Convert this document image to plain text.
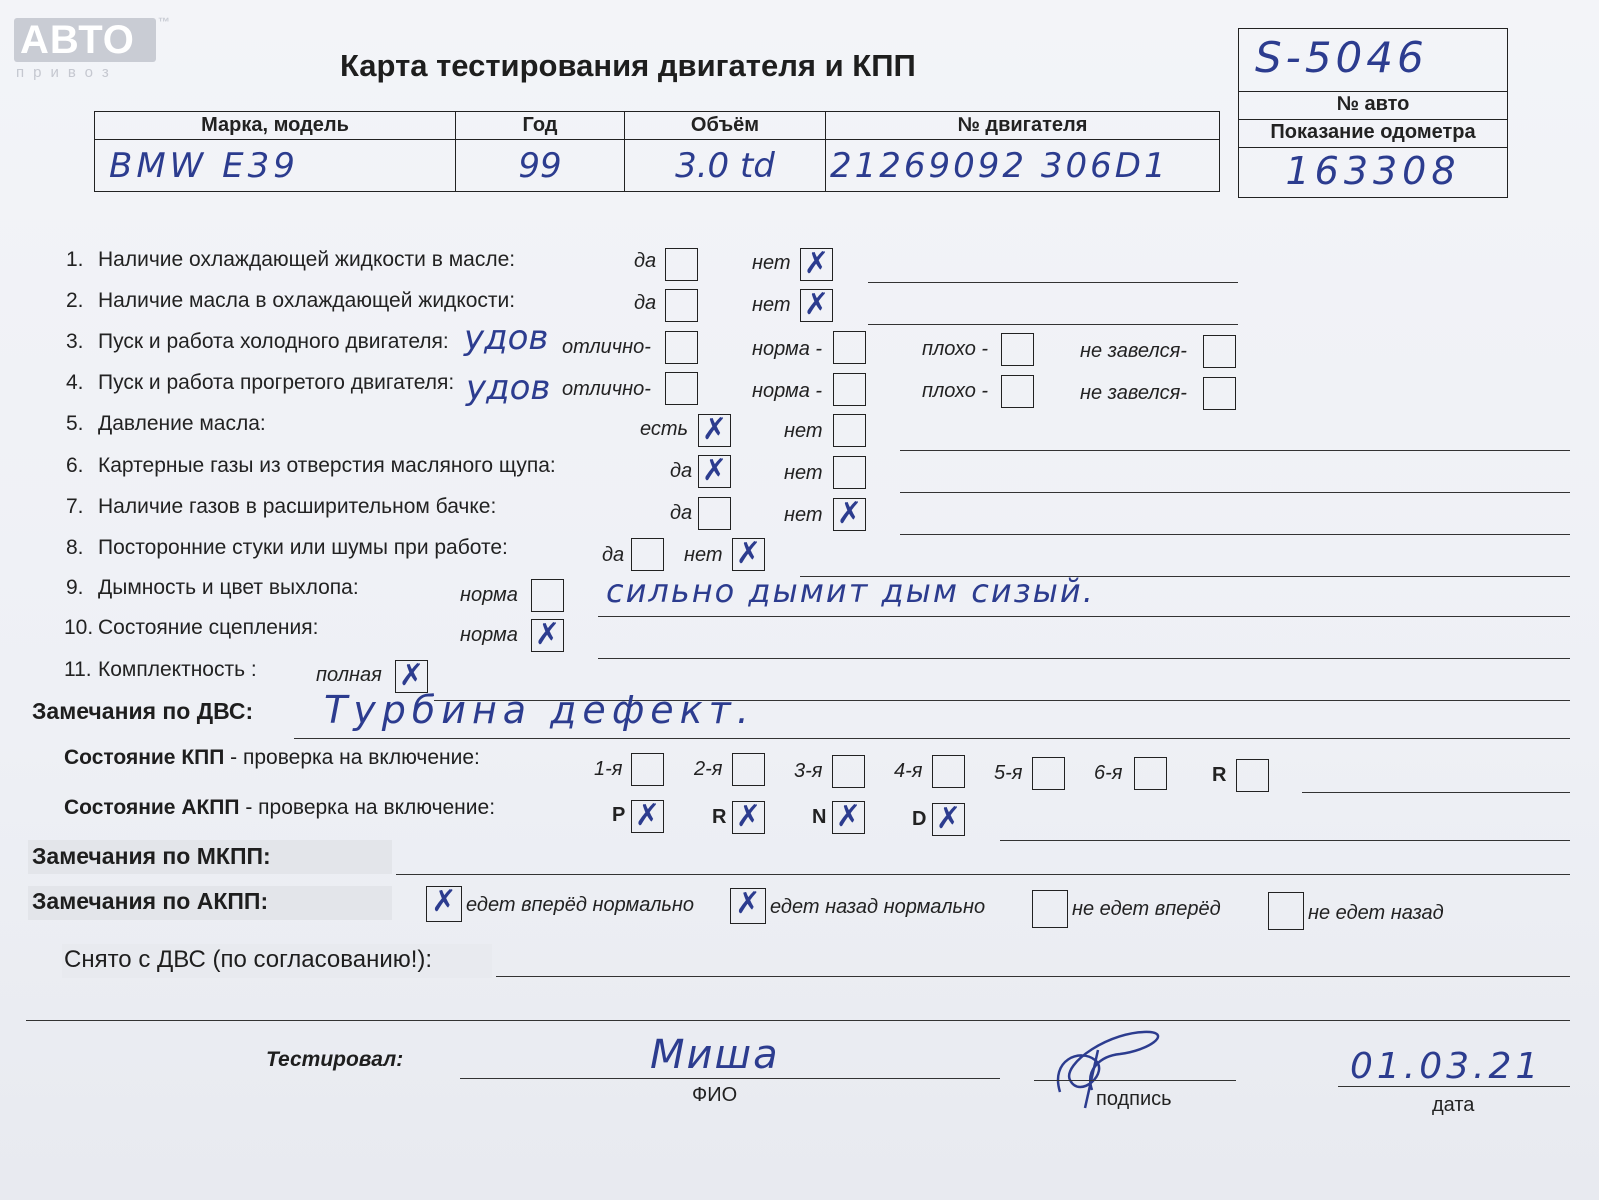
АВТО ™
привоз	Карта тестирования двигателя и КПП
Марка, модель	Год	Объём	№ двигателя
BMW E39	99	3.0 td	21269092 306D1
S-5046
№ авто
Показание одометра
163308
1. Наличие охлаждающей жидкости в масле:	да	нет ✗
2. Наличие масла в охлаждающей жидкости:	да	нет ✗
3. Пуск и работа холодного двигателя: удов отлично-	норма -	плохо -	не завелся-
4. Пуск и работа прогретого двигателя: удов отлично-	норма -	плохо -	не завелся-
5. Давление масла:	есть ✗	нет
6. Картерные газы из отверстия масляного щупа:	да ✗	нет
7. Наличие газов в расширительном бачке:	да	нет ✗
8. Посторонние стуки или шумы при работе:	да	нет ✗
9. Дымность и цвет выхлопа:	норма	сильно дымит дым сизый.
10. Состояние сцепления:	норма ✗
11. Комплектность :	полная ✗
Замечания по ДВС: Турбина дефект.
Состояние КПП - проверка на включение:	1-я	2-я	3-я	4-я	5-я	6-я	R
Состояние АКПП - проверка на включение:	P ✗	R ✗	N ✗	D ✗
Замечания по МКПП:
Замечания по АКПП:	✗ едет вперёд нормально ✗ едет назад нормально	не едет вперёд	не едет назад
Снято с ДВС (по согласованию!):
Тестировал:	Миша
ФИО	подпись
01.03.21
дата
